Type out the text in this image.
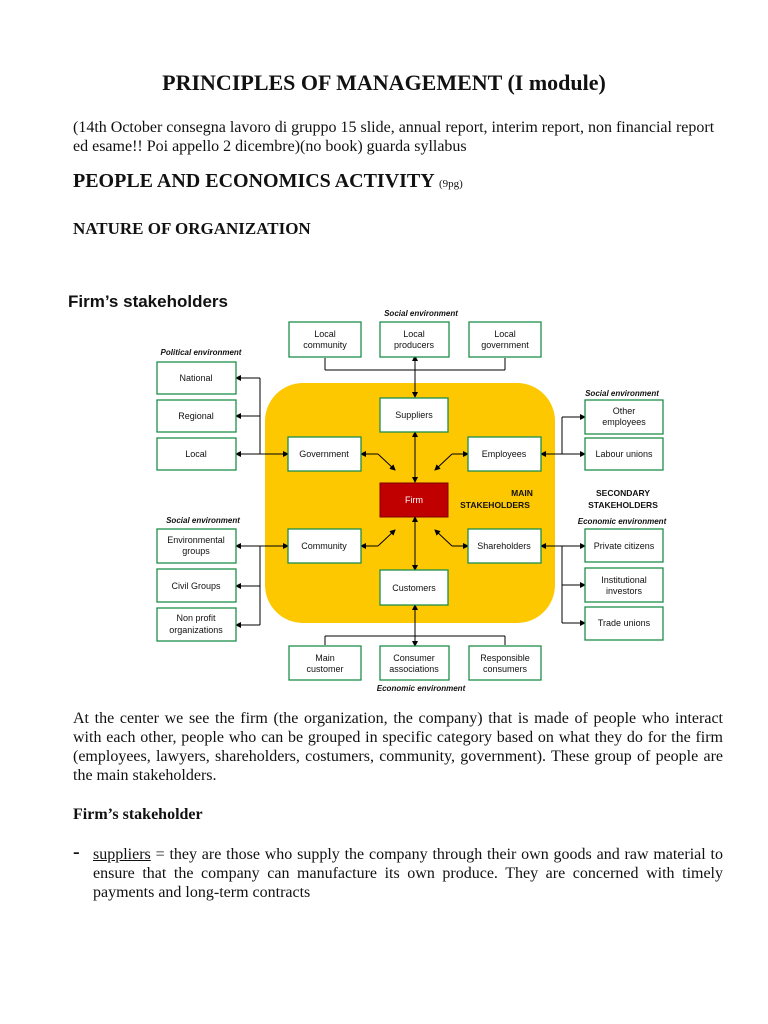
PRINCIPLES OF MANAGEMENT (I module)
(14th October consegna lavoro di gruppo 15 slide, annual report, interim report, non financial report ed esame!! Poi appello 2 dicembre)(no book) guarda syllabus
PEOPLE AND ECONOMICS ACTIVITY (9pg)
NATURE OF ORGANIZATION
Firm’s stakeholders
Social environment
Political environment
Social environment
Social environment	Economic environment
Economic environment
MAIN
STAKEHOLDERS
SECONDARY
STAKEHOLDERS
Firm
Suppliers
Government	Employees
Community	Shareholders
Customers
Local
community
Local
producers
Local
government
National
Regional
Local
Other
employees
Labour unions
Environmental
groups
Civil Groups
Non profit
organizations
Private citizens
Institutional
investors
Trade unions
Main
customer
Consumer
associations
Responsible
consumers
At the center we see the firm (the organization, the company) that is made of people who interact with each other, people who can be grouped in specific category based on what they do for the firm (employees, lawyers, shareholders, costumers, community, government). These group of people are the main stakeholders.
Firm’s stakeholder
- suppliers = they are those who supply the company through their own goods and raw material to ensure that the company can manufacture its own produce. They are concerned with timely payments and long-term contracts
